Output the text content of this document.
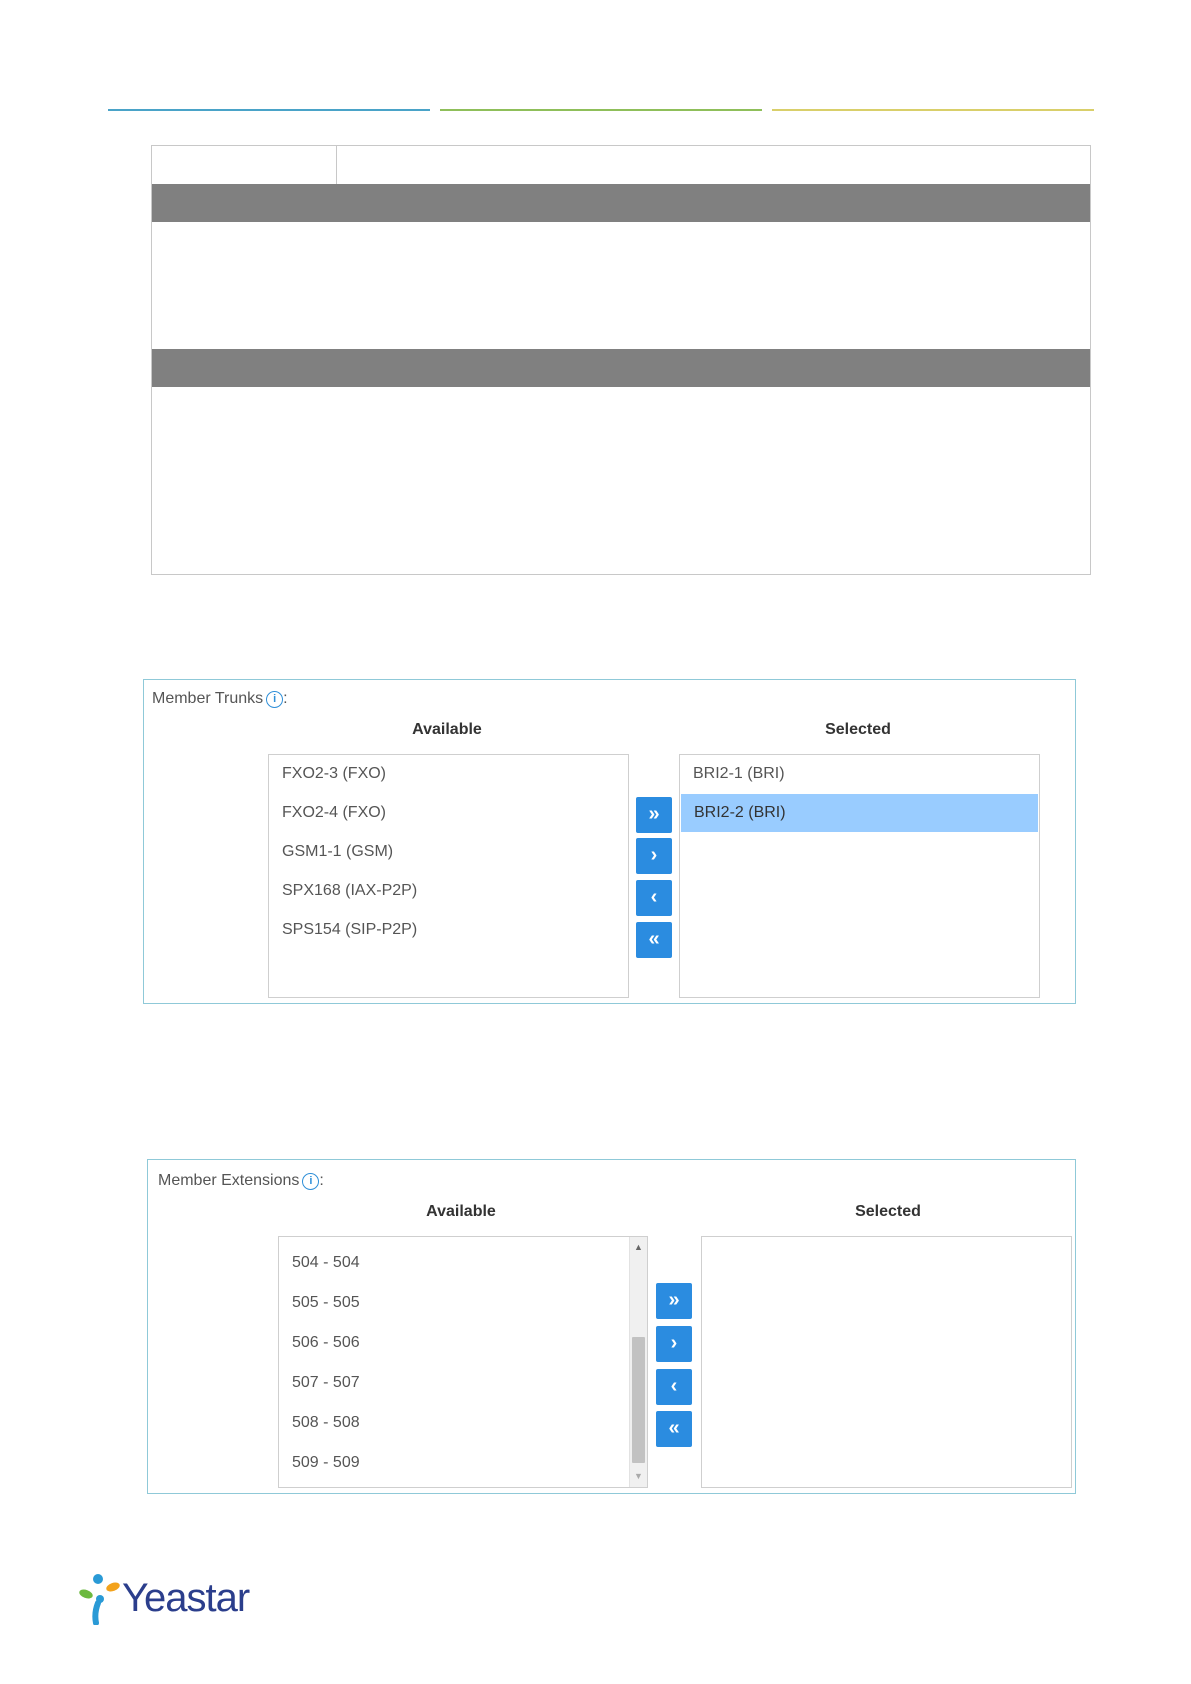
Member Trunks i :
Available	Selected
FXO2-3 (FXO)
FXO2-4 (FXO)
GSM1-1 (GSM)
SPX168 (IAX-P2P)
SPS154 (SIP-P2P)
»
›
‹
«
BRI2-1 (BRI)
BRI2-2 (BRI)
Member Extensions i :
Available	Selected
504 - 504
505 - 505
506 - 506
507 - 507
508 - 508
509 - 509
▲
▼
»
›
‹
«
Yeastar
